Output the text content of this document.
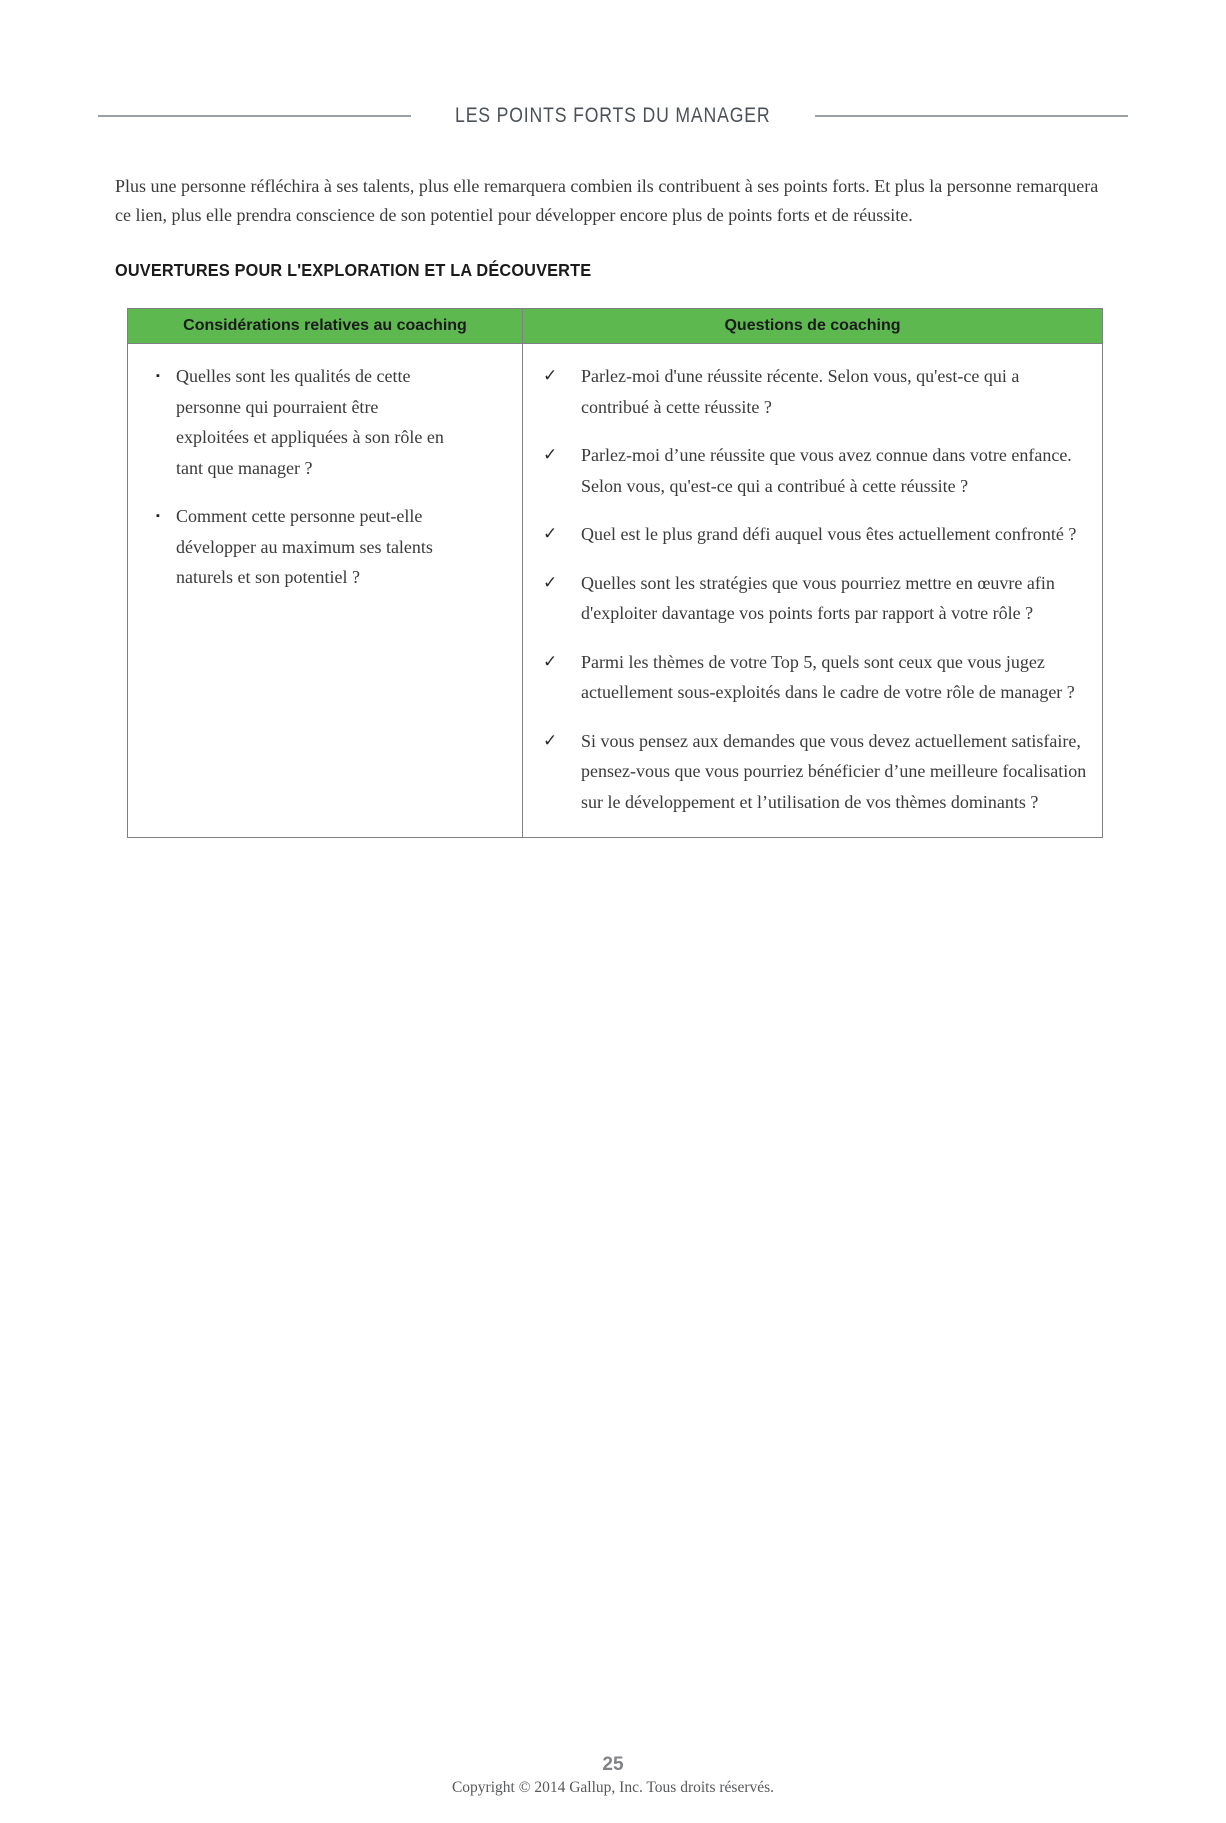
LES POINTS FORTS DU MANAGER

Plus une personne réfléchira à ses talents, plus elle remarquera combien ils contribuent à ses points forts. Et plus la personne remarquera ce lien, plus elle prendra conscience de son potentiel pour développer encore plus de points forts et de réussite.

OUVERTURES POUR L'EXPLORATION ET LA DÉCOUVERTE
Considérations relatives au coaching	Questions de coaching

▪ Quelles sont les qualités de cette personne qui pourraient être exploitées et appliquées à son rôle en tant que manager ?
▪ Comment cette personne peut-elle développer au maximum ses talents naturels et son potentiel ?

✓	Parlez-moi d'une réussite récente. Selon vous, qu'est-ce qui a contribué à cette réussite ?
✓	Parlez-moi d’une réussite que vous avez connue dans votre enfance. Selon vous, qu'est-ce qui a contribué à cette réussite ?
✓	Quel est le plus grand défi auquel vous êtes actuellement confronté ?
✓	Quelles sont les stratégies que vous pourriez mettre en œuvre afin d'exploiter davantage vos points forts par rapport à votre rôle ?
✓	Parmi les thèmes de votre Top 5, quels sont ceux que vous jugez actuellement sous-exploités dans le cadre de votre rôle de manager ?
✓	Si vous pensez aux demandes que vous devez actuellement satisfaire, pensez-vous que vous pourriez bénéficier d’une meilleure focalisation sur le développement et l’utilisation de vos thèmes dominants ?
25
Copyright © 2014 Gallup, Inc. Tous droits réservés.
